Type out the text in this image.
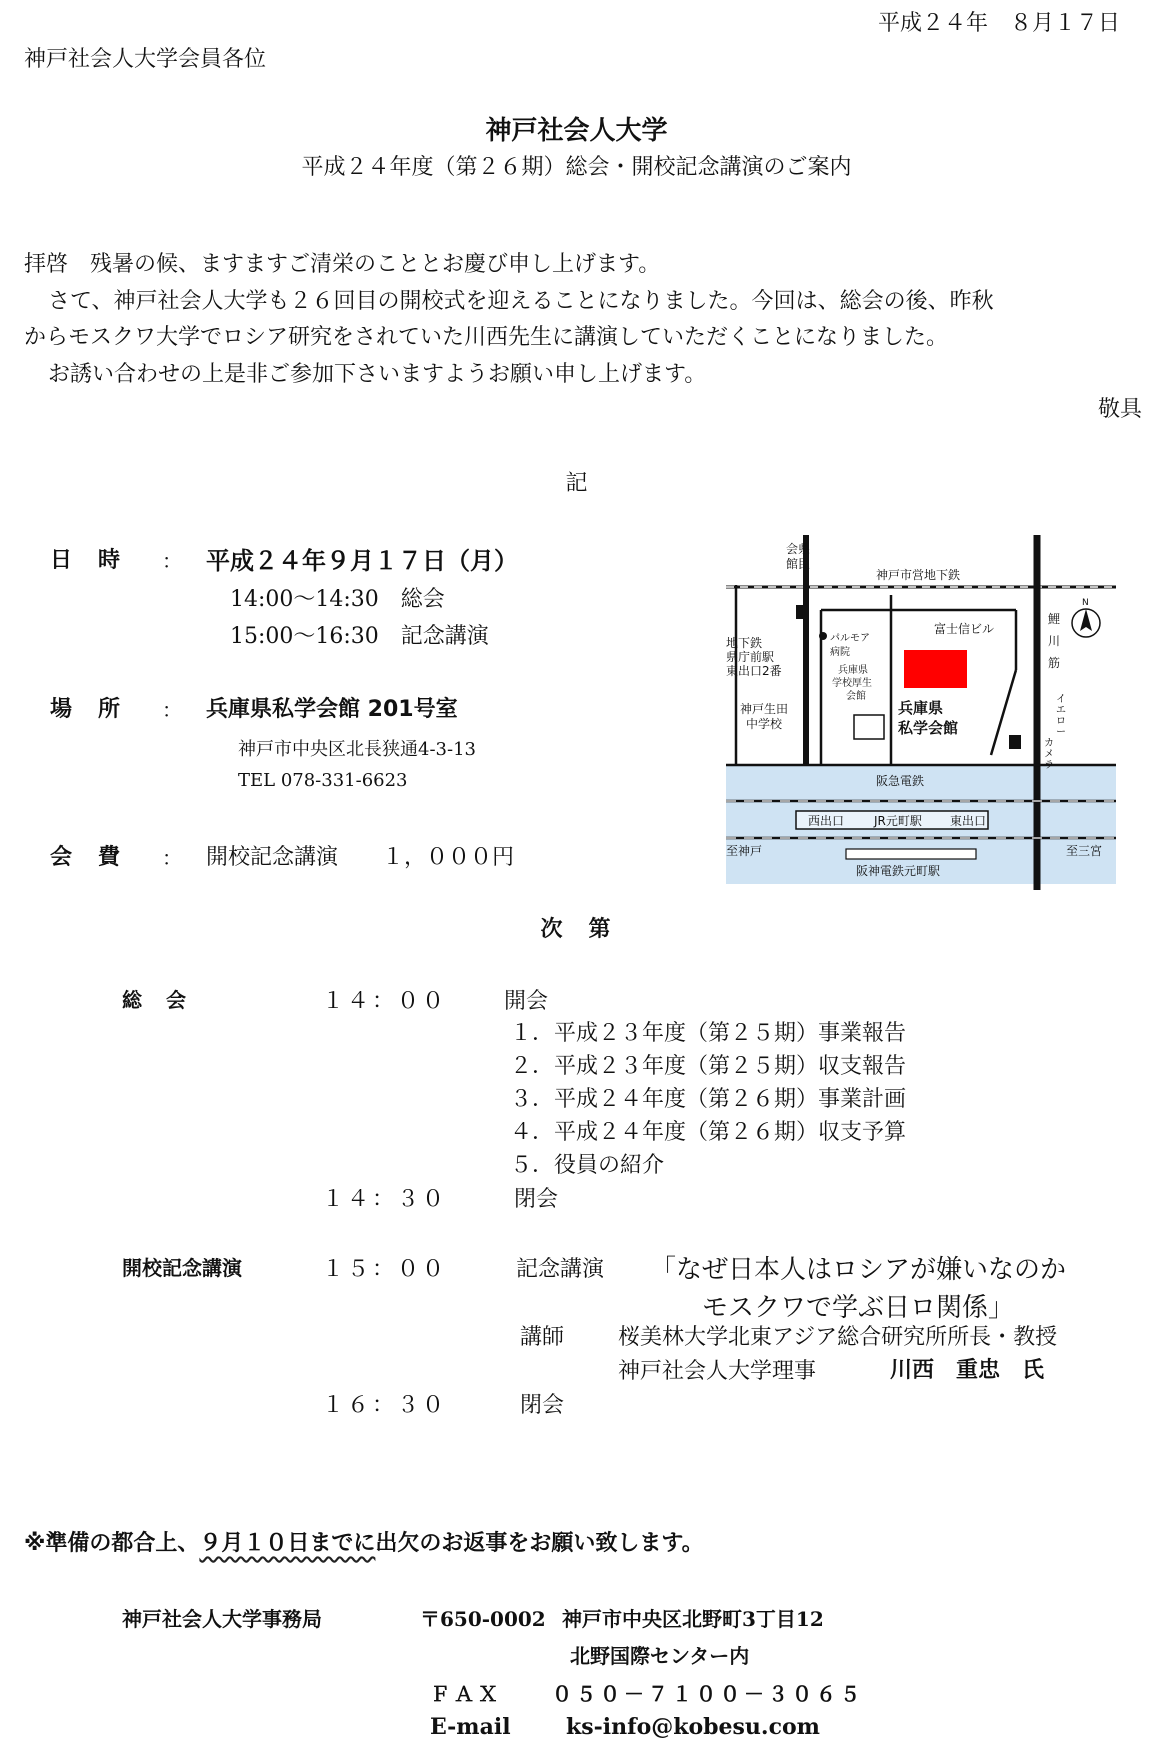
平成２４年　８月１７日
神戸社会人大学会員各位
神戸社会人大学
平成２４年度（第２６期）総会・開校記念講演のご案内
拝啓　残暑の候、ますますご清栄のこととお慶び申し上げます。
さて、神戸社会人大学も２６回目の開校式を迎えることになりました。今回は、総会の後、昨秋
からモスクワ大学でロシア研究をされていた川西先生に講演していただくことになりました。
お誘い合わせの上是非ご参加下さいますようお願い申し上げます。
敬具
記
日　時 ： 平成２４年９月１７日（月）
14:00〜14:30　総会
15:00〜16:30　記念講演
場　所 ： 兵庫県私学会館 201号室
神戸市中央区北長狭通4-3-13
TEL 078-331-6623
会　費 ： 開校記念講演　　１，０００円
会県
館民
神戸市営地下鉄
富士信ビル
鯉
川
筋
N
地下鉄
県庁前駅
東出口2番
パルモア
病院
兵庫県
学校厚生
会館
神戸生田
中学校
兵庫県
私学会館
イ
エ
ロ
ー
カ
メ
ラ
阪急電鉄
西出口 JR元町駅 東出口
至神戸
阪神電鉄元町駅
至三宮
次　第
総　会	１４：００	開会
１．平成２３年度（第２５期）事業報告
２．平成２３年度（第２５期）収支報告
３．平成２４年度（第２６期）事業計画
４．平成２４年度（第２６期）収支予算
５．役員の紹介
１４：３０	閉会
開校記念講演	１５：００	記念講演 「なぜ日本人はロシアが嫌いなのか
モスクワで学ぶ日ロ関係」
講師 桜美林大学北東アジア総合研究所所長・教授
神戸社会人大学理事	川西　重忠　氏
１６：３０	閉会
※準備の都合上、９月１０日までに出欠のお返事をお願い致します。
神戸社会人大学事務局	〒650-0002 神戸市中央区北野町3丁目12
北野国際センター内
ＦＡＸ	０５０－７１００－３０６５
E-mail	ks-info@kobesu.com
